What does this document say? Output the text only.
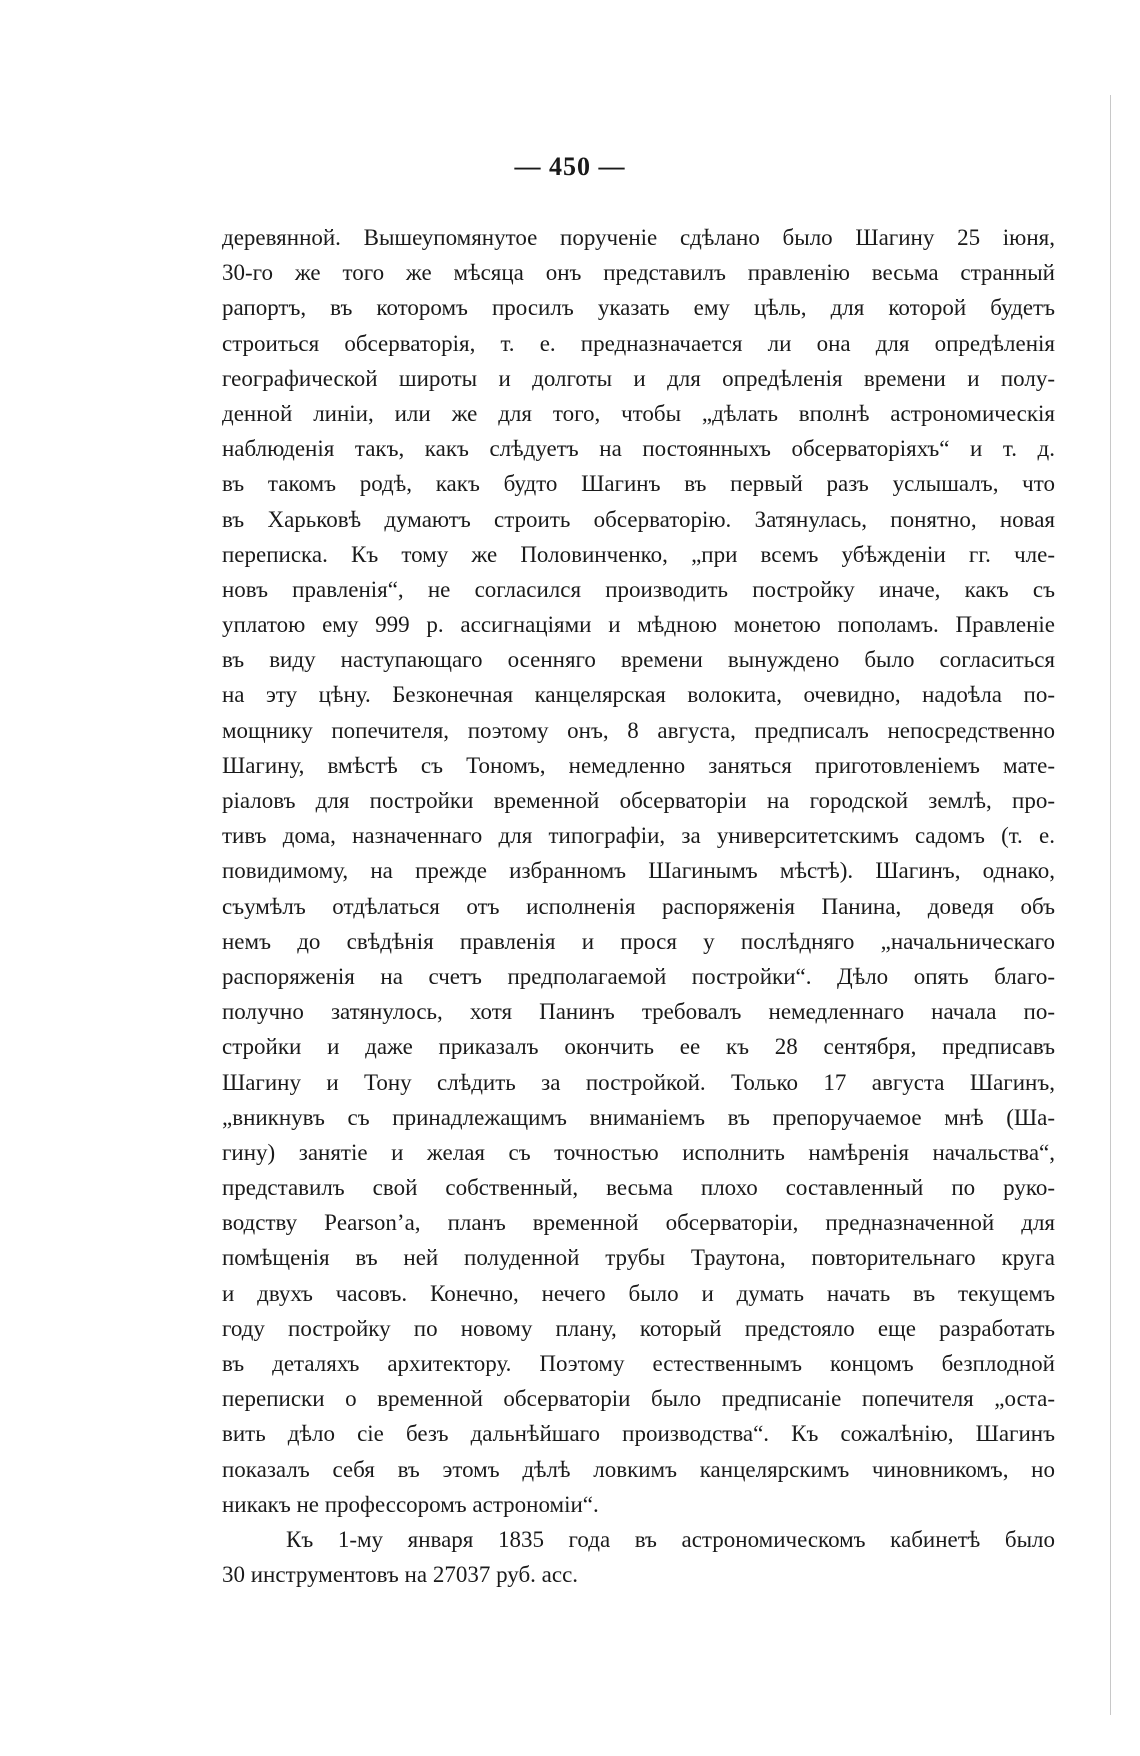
— 450 —
деревянной. Вышеупомянутое порученіе сдѣлано было Шагину 25 іюня,
30-го же того же мѣсяца онъ представилъ правленію весьма странный
рапортъ, въ которомъ просилъ указать ему цѣль, для которой будетъ
строиться обсерваторія, т. е. предназначается ли она для опредѣленія
географической широты и долготы и для опредѣленія времени и полу-
денной линіи, или же для того, чтобы „дѣлать вполнѣ астрономическія
наблюденія такъ, какъ слѣдуетъ на постоянныхъ обсерваторіяхъ“ и т. д.
въ такомъ родѣ, какъ будто Шагинъ въ первый разъ услышалъ, что
въ Харьковѣ думаютъ строить обсерваторію. Затянулась, понятно, новая
переписка. Къ тому же Половинченко, „при всемъ убѣжденіи гг. чле-
новъ правленія“, не согласился производить постройку иначе, какъ съ
уплатою ему 999 р. ассигнаціями и мѣдною монетою пополамъ. Правленіе
въ виду наступающаго осенняго времени вынуждено было согласиться
на эту цѣну. Безконечная канцелярская волокита, очевидно, надоѣла по-
мощнику попечителя, поэтому онъ, 8 августа, предписалъ непосредственно
Шагину, вмѣстѣ съ Тономъ, немедленно заняться приготовленіемъ мате-
ріаловъ для постройки временной обсерваторіи на городской землѣ, про-
тивъ дома, назначеннаго для типографіи, за университетскимъ садомъ (т. е.
повидимому, на прежде избранномъ Шагинымъ мѣстѣ). Шагинъ, однако,
съумѣлъ отдѣлаться отъ исполненія распоряженія Панина, доведя объ
немъ до свѣдѣнія правленія и прося у послѣдняго „начальническаго
распоряженія на счетъ предполагаемой постройки“. Дѣло опять благо-
получно затянулось, хотя Панинъ требовалъ немедленнаго начала по-
стройки и даже приказалъ окончить ее къ 28 сентября, предписавъ
Шагину и Тону слѣдить за постройкой. Только 17 августа Шагинъ,
„вникнувъ съ принадлежащимъ вниманіемъ въ препоручаемое мнѣ (Ша-
гину) занятіе и желая съ точностью исполнить намѣренія начальства“,
представилъ свой собственный, весьма плохо составленный по руко-
водству Pearson’a, планъ временной обсерваторіи, предназначенной для
помѣщенія въ ней полуденной трубы Траутона, повторительнаго круга
и двухъ часовъ. Конечно, нечего было и думать начать въ текущемъ
году постройку по новому плану, который предстояло еще разработать
въ деталяхъ архитектору. Поэтому естественнымъ концомъ безплодной
переписки о временной обсерваторіи было предписаніе попечителя „оста-
вить дѣло сіе безъ дальнѣйшаго производства“. Къ сожалѣнію, Шагинъ
показалъ себя въ этомъ дѣлѣ ловкимъ канцелярскимъ чиновникомъ, но
никакъ не профессоромъ астрономіи“.
Къ 1-му января 1835 года въ астрономическомъ кабинетѣ было
30 инструментовъ на 27037 руб. асс.
